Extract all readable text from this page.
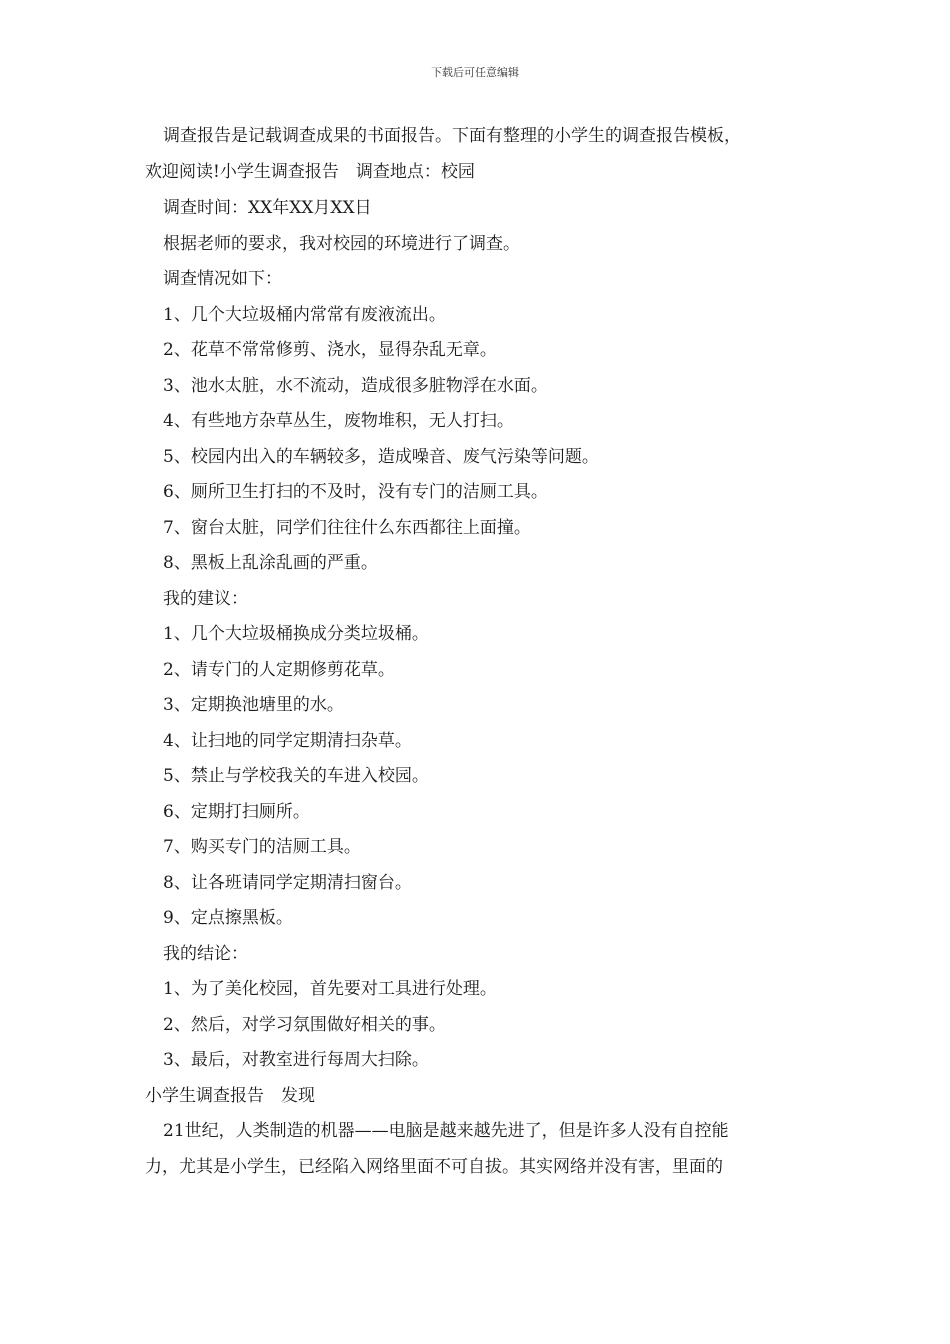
下载后可任意编辑

调查报告是记载调查成果的书面报告。下面有整理的小学生的调查报告模板，

欢迎阅读!小学生调查报告　调查地点：校园

调查时间：XX年XX月XX日

根据老师的要求，我对校园的环境进行了调查。

调查情况如下：

1、几个大垃圾桶内常常有废液流出。

2、花草不常常修剪、浇水，显得杂乱无章。

3、池水太脏，水不流动，造成很多脏物浮在水面。

4、有些地方杂草丛生，废物堆积，无人打扫。

5、校园内出入的车辆较多，造成噪音、废气污染等问题。

6、厕所卫生打扫的不及时，没有专门的洁厕工具。

7、窗台太脏，同学们往往什么东西都往上面撞。

8、黑板上乱涂乱画的严重。

我的建议：

1、几个大垃圾桶换成分类垃圾桶。

2、请专门的人定期修剪花草。

3、定期换池塘里的水。

4、让扫地的同学定期清扫杂草。

5、禁止与学校我关的车进入校园。

6、定期打扫厕所。

7、购买专门的洁厕工具。

8、让各班请同学定期清扫窗台。

9、定点擦黑板。

我的结论：

1、为了美化校园，首先要对工具进行处理。

2、然后，对学习氛围做好相关的事。

3、最后，对教室进行每周大扫除。

小学生调查报告　发现

21世纪，人类制造的机器——电脑是越来越先进了，但是许多人没有自控能

力，尤其是小学生，已经陷入网络里面不可自拔。其实网络并没有害，里面的
